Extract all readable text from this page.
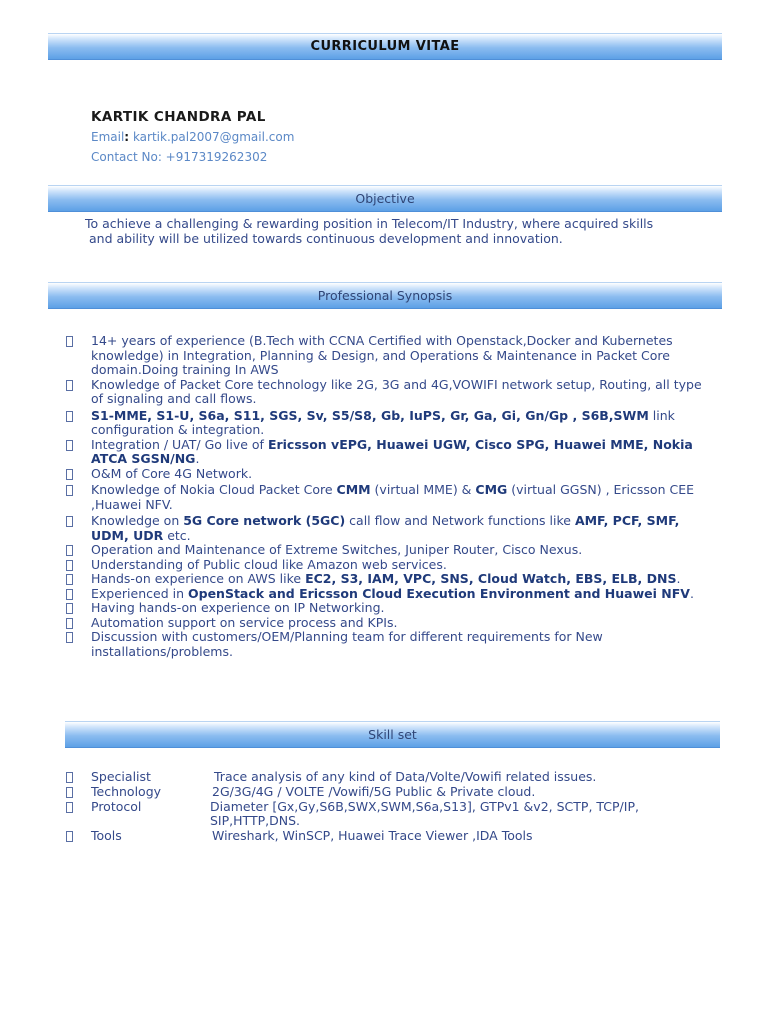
CURRICULUM VITAE
KARTIK CHANDRA PAL
Email: kartik.pal2007@gmail.com
Contact No: +917319262302
Objective
To achieve a challenging & rewarding position in Telecom/IT Industry, where acquired skills
and ability will be utilized towards continuous development and innovation.
Professional Synopsis
14+ years of experience (B.Tech with CCNA Certified with Openstack,Docker and Kubernetes knowledge) in Integration, Planning & Design, and Operations & Maintenance in Packet Core domain.Doing training In AWS
Knowledge of Packet Core technology like 2G, 3G and 4G,VOWIFI network setup, Routing, all type of signaling and call flows.
S1-MME, S1-U, S6a, S11, SGS, Sv, S5/S8, Gb, IuPS, Gr, Ga, Gi, Gn/Gp , S6B,SWM link configuration & integration.
Integration / UAT/ Go live of Ericsson vEPG, Huawei UGW, Cisco SPG, Huawei MME, Nokia ATCA SGSN/NG.
O&M of Core 4G Network.
Knowledge of Nokia Cloud Packet Core CMM (virtual MME) & CMG (virtual GGSN) , Ericsson CEE ,Huawei NFV.
Knowledge on 5G Core network (5GC) call flow and Network functions like AMF, PCF, SMF, UDM, UDR etc.
Operation and Maintenance of Extreme Switches, Juniper Router, Cisco Nexus.
Understanding of Public cloud like Amazon web services.
Hands-on experience on AWS like EC2, S3, IAM, VPC, SNS, Cloud Watch, EBS, ELB, DNS.
Experienced in OpenStack and Ericsson Cloud Execution Environment and Huawei NFV.
Having hands-on experience on IP Networking.
Automation support on service process and KPIs.
Discussion with customers/OEM/Planning team for different requirements for New installations/problems.
Skill set
Specialist	Trace analysis of any kind of Data/Volte/Vowifi related issues.
Technology	2G/3G/4G / VOLTE /Vowifi/5G Public & Private cloud.
Protocol	Diameter [Gx,Gy,S6B,SWX,SWM,S6a,S13], GTPv1 &v2, SCTP, TCP/IP,
SIP,HTTP,DNS.
Tools	Wireshark, WinSCP, Huawei Trace Viewer ,IDA Tools
